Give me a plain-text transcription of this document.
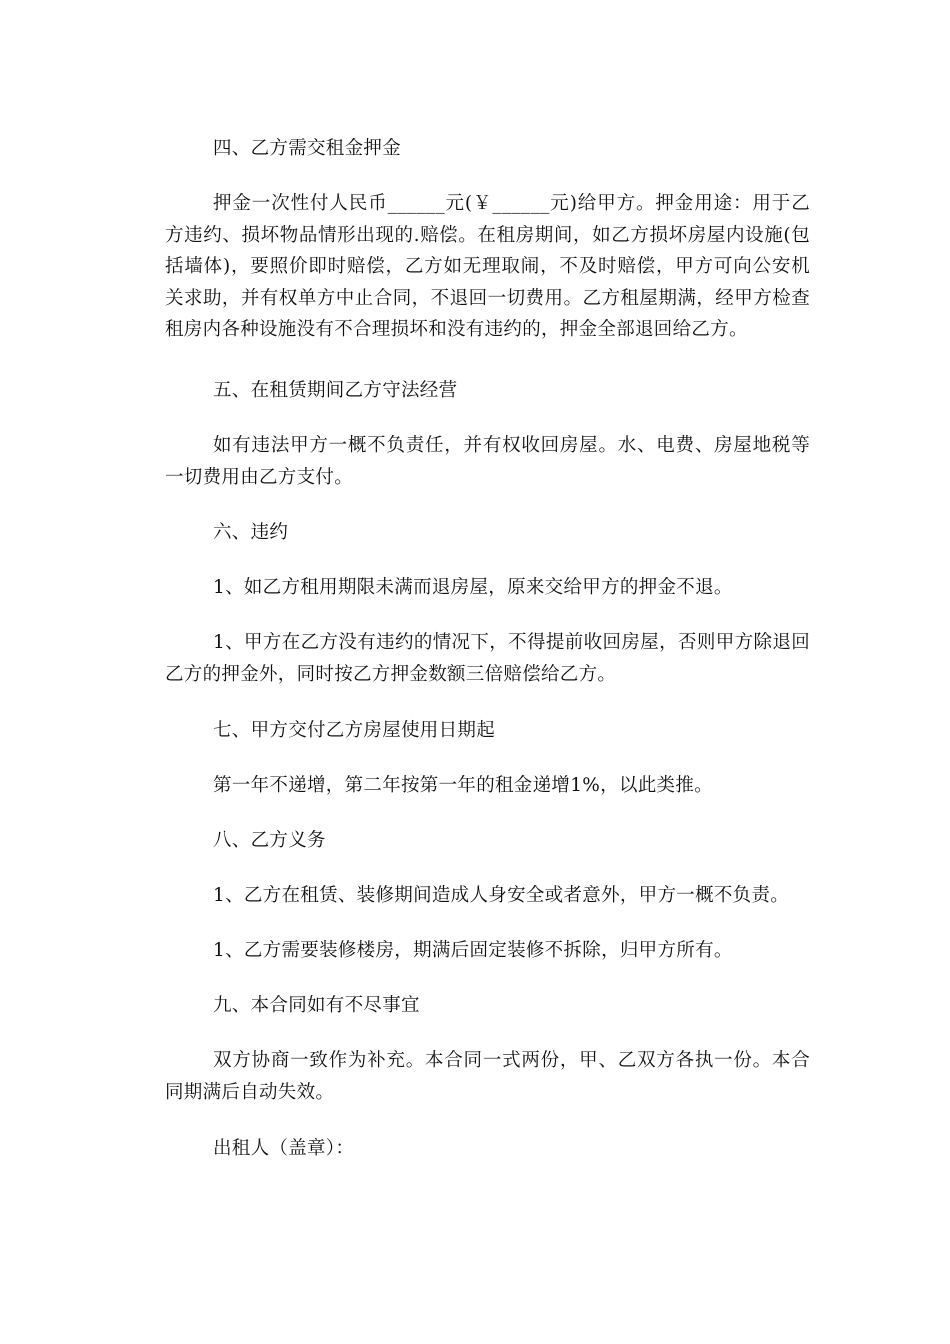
四、乙方需交租金押金

押金一次性付人民币______元(￥______元)给甲方。押金用途：用于乙方违约、损坏物品情形出现的.赔偿。在租房期间，如乙方损坏房屋内设施(包括墙体)，要照价即时赔偿，乙方如无理取闹，不及时赔偿，甲方可向公安机关求助，并有权单方中止合同，不退回一切费用。乙方租屋期满，经甲方检查租房内各种设施没有不合理损坏和没有违约的，押金全部退回给乙方。

五、在租赁期间乙方守法经营

如有违法甲方一概不负责任，并有权收回房屋。水、电费、房屋地税等一切费用由乙方支付。

六、违约

1、如乙方租用期限未满而退房屋，原来交给甲方的押金不退。

1、甲方在乙方没有违约的情况下，不得提前收回房屋，否则甲方除退回乙方的押金外，同时按乙方押金数额三倍赔偿给乙方。

七、甲方交付乙方房屋使用日期起

第一年不递增，第二年按第一年的租金递增1%，以此类推。

八、乙方义务

1、乙方在租赁、装修期间造成人身安全或者意外，甲方一概不负责。

1、乙方需要装修楼房，期满后固定装修不拆除，归甲方所有。

九、本合同如有不尽事宜

双方协商一致作为补充。本合同一式两份，甲、乙双方各执一份。本合同期满后自动失效。

出租人（盖章）：
